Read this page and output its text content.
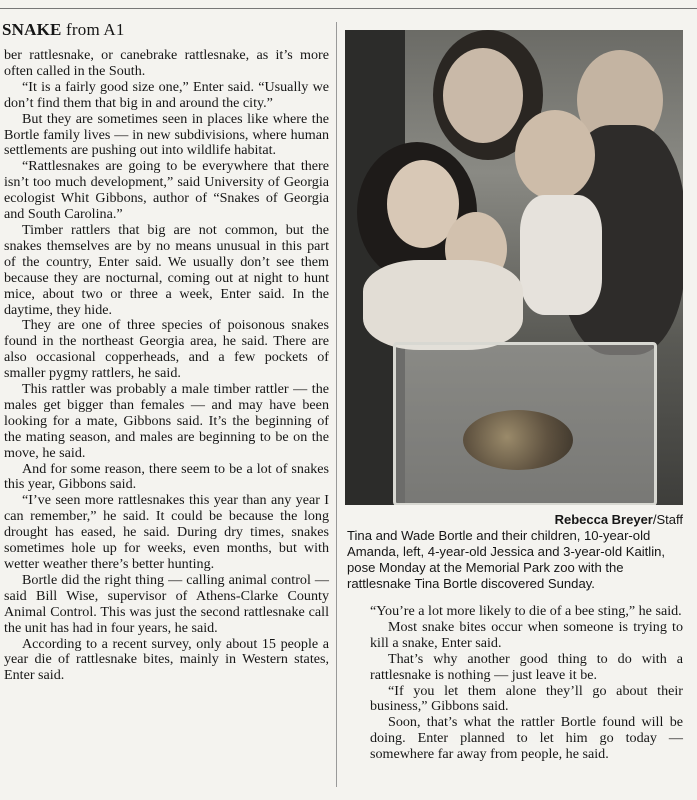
SNAKE from A1

ber rattlesnake, or canebrake rattlesnake, as it’s more often called in the South.

“It is a fairly good size one,” Enter said. “Usually we don’t find them that big in and around the city.”

But they are sometimes seen in places like where the Bortle family lives — in new subdivisions, where human settlements are pushing out into wildlife habitat.

“Rattlesnakes are going to be everywhere that there isn’t too much development,” said University of Georgia ecologist Whit Gibbons, author of “Snakes of Georgia and South Carolina.”

Timber rattlers that big are not common, but the snakes themselves are by no means unusual in this part of the country, Enter said. We usually don’t see them because they are nocturnal, coming out at night to hunt mice, about two or three a week, Enter said. In the daytime, they hide.

They are one of three species of poisonous snakes found in the northeast Georgia area, he said. There are also occasional copperheads, and a few pockets of smaller pygmy rattlers, he said.

This rattler was probably a male timber rattler — the males get bigger than females — and may have been looking for a mate, Gibbons said. It’s the beginning of the mating season, and males are beginning to be on the move, he said.

And for some reason, there seem to be a lot of snakes this year, Gibbons said.

“I’ve seen more rattlesnakes this year than any year I can remember,” he said. It could be because the long drought has eased, he said. During dry times, snakes sometimes hole up for weeks, even months, but with wetter weather there’s better hunting.

Bortle did the right thing — calling animal control — said Bill Wise, supervisor of Athens-Clarke County Animal Control. This was just the second rattlesnake call the unit has had in four years, he said.

According to a recent survey, only about 15 people a year die of rattlesnake bites, mainly in Western states, Enter said.

Rebecca Breyer/Staff
Tina and Wade Bortle and their children, 10-year-old Amanda, left, 4-year-old Jessica and 3-year-old Kaitlin, pose Monday at the Memorial Park zoo with the rattlesnake Tina Bortle discovered Sunday.

“You’re a lot more likely to die of a bee sting,” he said.

Most snake bites occur when someone is trying to kill a snake, Enter said.

That’s why another good thing to do with a rattlesnake is nothing — just leave it be.

“If you let them alone they’ll go about their business,” Gibbons said.

Soon, that’s what the rattler Bortle found will be doing. Enter planned to let him go today — somewhere far away from people, he said.
